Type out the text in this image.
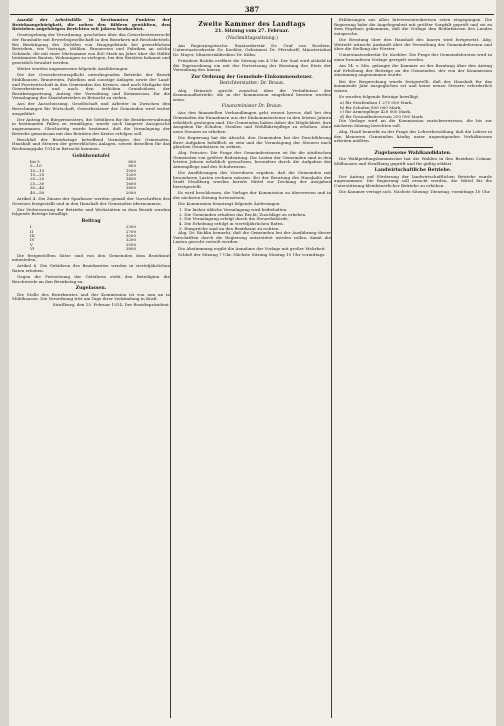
387

Anzahl der Arbeitsfälle in bestimmten Punkten der Bezirksangehörigkeit, die neben den Bildern gewählten, den Betrieben angehörigen Berichten seit Jahren beobachtet.

Gesetzgebung der Verordnung, geschehen über das Gewerbesteuerrecht der Haushalte mit Erwerbsgesellschaft in den Bezirkern mit Reichsbetrieb. Bei Bestätigung des Dichtlen von Hauptgebäude bei gewerblichen Betrieben, wie Vorträge, Mühlen, Brauereien und Fabriken an solche Gebäude, die mit einer Mietsumme von 400 Mark im Jahre über die Hälfte bestimmten Bauten, Wohnungen zu verlegen, bei den Beiräten bekannt und gesetzlich bewahrt werden.

Weiter wurden angemessene folgende Ausführungen:

Die der Gewerbesteuerpflicht unterliegenden Betriebe der Bezirk Mühlhausen, Brauereien, Fabriken und sonstige Anlagen sowie der Land- und Forstwirtschaft in den Gemeinden des Kreises, sind nach Maßgabe der Gewerbesteuer und nach den örtlichen Grundsätzen der Bezirkstagssitzung, Antrag der Verwaltung und Kommission, für die Veranlagung des Staatsbetriebes in Betracht zu ziehen.

Aus der Ausschussung, Gesellschaft und Arbeiter in Zwischen den Berechnungen für Wirtschaft, Gewerbesteuer der Gemeinden wird weiter ausgeführt.

Der Antrag des Bürgermeisters, die Gebühren für die Bezirksverwaltung in bestimmten Fällen zu ermäßigen, wurde nach längerer Aussprache angenommen. Gleichzeitig wurde bestimmt, daß die Veranlagung der Betriebe gemeinsam mit den Beiräten der Kreise erfolgen soll.

Beschluß der Bezirkstage betreffend Vermögen der Gemeinden, Haushalt und Steuern der gewerblichen Anlagen, soweit dieselben für das Rechnungsjahr 1914 in Betracht kommen.

Gebührentafel
bis 5	600
5—10	800
10—15	1000
15—20	1200
20—25	1400
25—30	1600
30—40	1800
40—50	2000

Artikel 4. Die Zinsen der Sparkasse werden gemäß der Vorschriften des Gesetzes festgestellt und in den Haushalt der Gemeinden übernommen.

Zur Verbesserung der Betriebe und Werkstätten in dem Bezirk wurden folgende Beträge bewilligt:

Beitrag
I	2300
II	2700
III	3000
IV	3200
V	3500
VI	3800

Die festgestellten Sätze sind von den Gemeinden dem Bezirksrat mitzuteilen.

Artikel 6. Die Gebühren des Bezirksrates werden in vierteljährlichen Raten erhoben.

Gegen die Festsetzung der Gebühren steht den Beteiligten die Beschwerde an den Bezirkstag zu.

Zugelassen.

Die Stelle des Bezirksrates und der Kommission ist von nun an in Mühlhausen. Die Verordnung tritt am Tage ihrer Verkündung in Kraft.

Straßburg, den 15. Februar 1914. Der Bezirkspräsident.

Zweite Kammer des Landtags
21. Sitzung vom 27. Februar.
(Nachmittagssitzung.)

Am Regierungstische: Staatssekretär Dr. Graf von Roedern, Unterstaatssekretär Dr. Koehler, Geheimrat Dr. Pfersdorff, Ministerialrat Dr. Mayer, Ministerialdirektor Dr. Kühn.

Präsident Ricklin eröffnet die Sitzung um 4 Uhr. Der Saal wird alsbald in die Tagesordnung ein mit der Fortsetzung der Beratung des Etats der Verwaltung des Innern.

Zur Ordnung der Gemeinde-Einkommensteuer.
Berichterstatter: Dr. Braun.

Abg. Heinrich spricht zunächst über die Verhältnisse der Kommunalbetriebe, die in der Kommission eingehend beraten worden seien.

Finanzminister Dr. Braun:

Aus den finanziellen Verhandlungen geht erneut hervor, daß bei den Gemeinden die Einnahmen aus der Einkommensteuer in den letzten Jahren erheblich gestiegen sind. Die Gemeinden haben daher die Möglichkeit, ihre Ausgaben für Schulen, Straßen und Wohlfahrtspflege zu erhöhen, ohne neue Steuern zu erheben.

Die Regierung hat die Absicht, den Gemeinden bei der Durchführung ihrer Aufgaben behilflich zu sein und die Veranlagung der Steuern nach gleichen Grundsätzen zu ordnen.

Abg. Peirotes: Die Frage der Gemeindesteuern ist für die städtischen Gemeinden von größter Bedeutung. Die Lasten der Gemeinden sind in den letzten Jahren erheblich gewachsen, besonders durch die Aufgaben der Armenpflege und des Schulwesens.

Die Ausführungen des Vorredners ergaben, daß die Gemeinden mit besonderen Lasten rechnen müssen. Bei der Beratung des Haushalts der Stadt Straßburg wurden bereits Mittel zur Deckung der Ausgaben bereitgestellt.

Es wird beschlossen, die Vorlage der Kommission zu überweisen und in der nächsten Sitzung fortzusetzen.

Die Kommission beantragt folgende Änderungen:

1. Die bisher übliche Veranlagung wird beibehalten.
2. Die Gemeinden erhalten das Recht, Zuschläge zu erheben.
3. Die Veranlagung erfolgt durch die Steuerbehörde.
4. Die Erhebung erfolgt in vierteljährlichen Raten.
5. Einsprüche sind an den Bezirksrat zu richten.

Abg. Dr. Ricklin bemerkt, daß die Gemeinden bei der Ausführung dieser Vorschriften durch die Regierung unterstützt werden sollen, damit die Lasten gerecht verteilt werden.

Die Abstimmung ergibt die Annahme der Vorlage mit großer Mehrheit.

Schluß der Sitzung 7 Uhr. Nächste Sitzung Montag 10 Uhr vormittags.

Erklärungen aus allen Interessentenkreisen seien eingegangen. Die Regierung habe die Angelegenheit mit größter Sorgfalt geprüft und sei zu dem Ergebnis gekommen, daß die Vorlage den Bedürfnissen des Landes entspreche.

Die Beratung über den Haushalt des Innern wird fortgesetzt. Abg. Wetterlé wünscht Auskunft über die Verwaltung der Gemeindeforsten und über die Stellung der Förster.

Unterstaatssekretär Dr. Koehler: Die Frage der Gemeindeforsten wird in einer besonderen Vorlage geregelt werden.

Am 14. v. Mts. gelangte die Kammer zu der Beratung über den Antrag auf Erhöhung der Beiträge an die Gemeinden, der von der Kommission einstimmig angenommen wurde.

Bei der Besprechung wurde festgestellt, daß der Haushalt für das kommende Jahr ausgeglichen sei und keine neuen Steuern erforderlich wären.

Es wurden folgende Beträge bewilligt:

a) für Straßenbau 1 275 000 Mark,
b) für Schulen 850 000 Mark,
c) für Armenpflege 420 000 Mark,
d) für Gesundheitswesen 310 000 Mark.

Die Vorlage wird an die Kommission zurückverwiesen, die bis zur nächsten Sitzung berichten soll.

Abg. Hauß bemerkt zu der Frage der Lehrerbesoldung, daß die Lehrer in den kleineren Gemeinden häufig unter ungenügenden Verhältnissen arbeiten müßten.

Zugelassene Wahlkandidaten.

Die Wahlprüfungskommission hat die Wahlen in den Bezirken Colmar, Mülhausen und Straßburg geprüft und für gültig erklärt.

Landwirtschaftliche Betriebe.

Der Antrag auf Förderung der landwirtschaftlichen Betriebe wurde angenommen. Die Regierung soll ersucht werden, die Mittel für die Unterstützung kleinbäuerlicher Betriebe zu erhöhen.

Die Kammer vertagt sich. Nächste Sitzung: Dienstag, vormittags 10 Uhr.
